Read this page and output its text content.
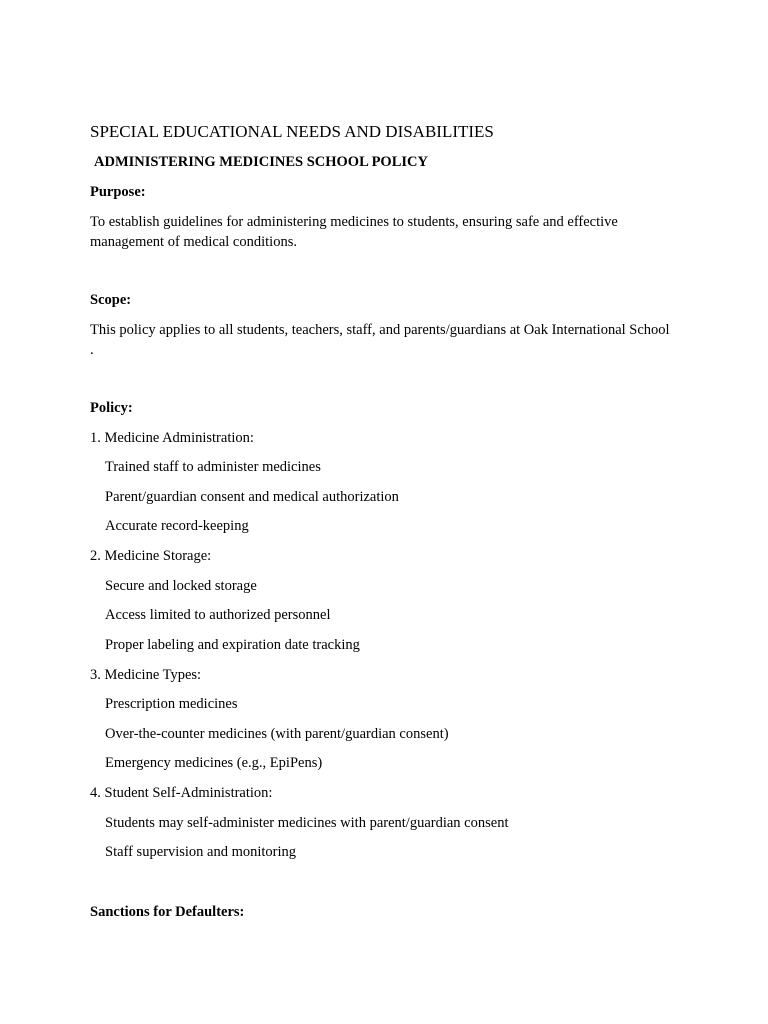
SPECIAL EDUCATIONAL NEEDS AND DISABILITIES
ADMINISTERING MEDICINES SCHOOL POLICY
Purpose:
To establish guidelines for administering medicines to students, ensuring safe and effective management of medical conditions.
Scope:
This policy applies to all students, teachers, staff, and parents/guardians at Oak International School .
Policy:
1. Medicine Administration:
Trained staff to administer medicines
Parent/guardian consent and medical authorization
Accurate record-keeping
2. Medicine Storage:
Secure and locked storage
Access limited to authorized personnel
Proper labeling and expiration date tracking
3. Medicine Types:
Prescription medicines
Over-the-counter medicines (with parent/guardian consent)
Emergency medicines (e.g., EpiPens)
4. Student Self-Administration:
Students may self-administer medicines with parent/guardian consent
Staff supervision and monitoring
Sanctions for Defaulters:
